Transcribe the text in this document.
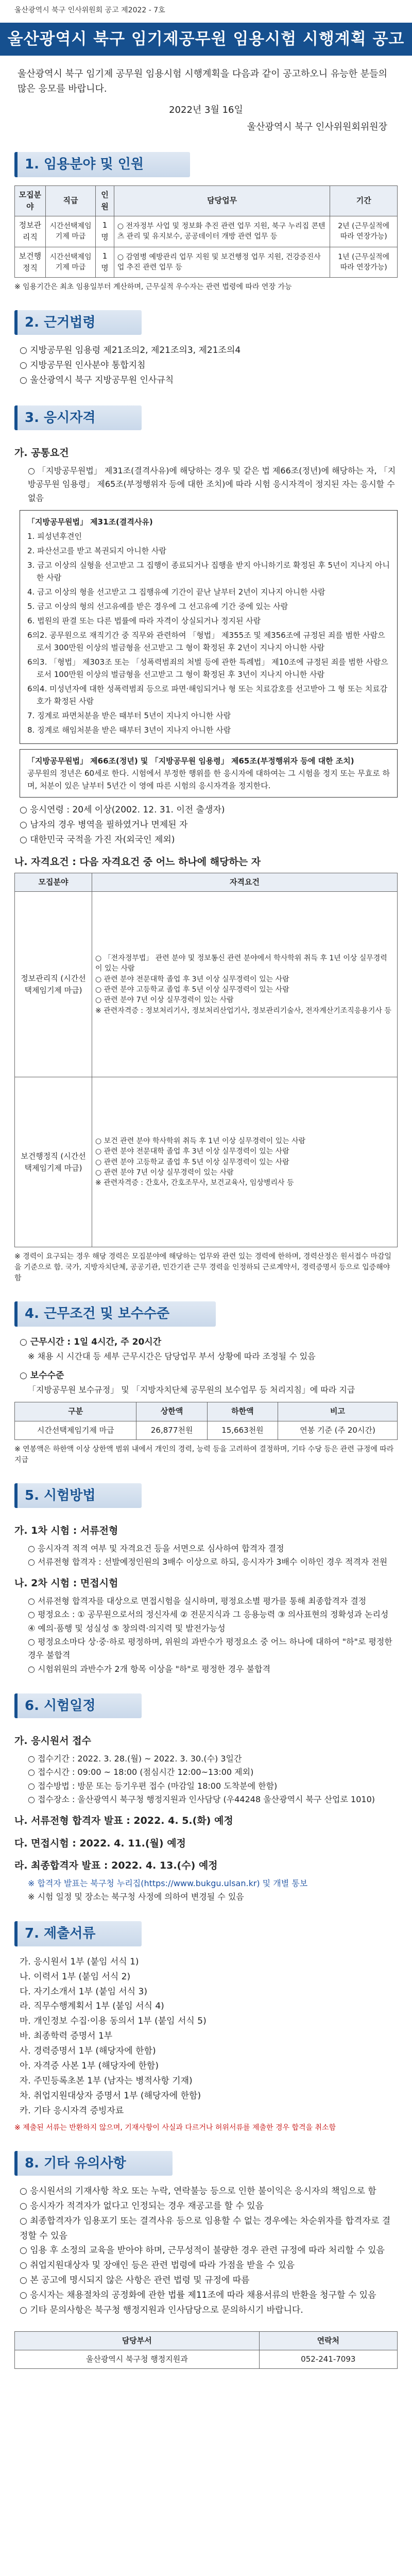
울산광역시 북구 인사위원회 공고 제2022 - 7호
울산광역시 북구 임기제공무원 임용시험 시행계획 공고
울산광역시 북구 임기제 공무원 임용시험 시행계획을 다음과 같이 공고하오니 유능한 분들의 많은 응모를 바랍니다.
2022년 3월 16일
울산광역시 북구 인사위원회위원장
1. 임용분야 및 인원
모집분야	직급	인원	담당업무	기간
정보관리직	시간선택제임기제 마급	1명	○ 전자정부 사업 및 정보화 추진 관련 업무 지원, 북구 누리집 콘텐츠 관리 및 유지보수, 공공데이터 개방 관련 업무 등	2년 (근무실적에 따라 연장가능)
보건행정직	시간선택제임기제 마급	1명	○ 감염병 예방관리 업무 지원 및 보건행정 업무 지원, 건강증진사업 추진 관련 업무 등	1년 (근무실적에 따라 연장가능)
※ 임용기간은 최초 임용일부터 계산하며, 근무실적 우수자는 관련 법령에 따라 연장 가능
2. 근거법령
○ 지방공무원 임용령 제21조의2, 제21조의3, 제21조의4
○ 지방공무원 인사분야 통합지침
○ 울산광역시 북구 지방공무원 인사규칙
3. 응시자격
가. 공통요건
○ 「지방공무원법」 제31조(결격사유)에 해당하는 경우 및 같은 법 제66조(정년)에 해당하는 자, 「지방공무원 임용령」 제65조(부정행위자 등에 대한 조치)에 따라 시험 응시자격이 정지된 자는 응시할 수 없음
「지방공무원법」 제31조(결격사유)
1. 피성년후견인
2. 파산선고를 받고 복권되지 아니한 사람
3. 금고 이상의 실형을 선고받고 그 집행이 종료되거나 집행을 받지 아니하기로 확정된 후 5년이 지나지 아니한 사람
4. 금고 이상의 형을 선고받고 그 집행유예 기간이 끝난 날부터 2년이 지나지 아니한 사람
5. 금고 이상의 형의 선고유예를 받은 경우에 그 선고유예 기간 중에 있는 사람
6. 법원의 판결 또는 다른 법률에 따라 자격이 상실되거나 정지된 사람
6의2. 공무원으로 재직기간 중 직무와 관련하여 「형법」 제355조 및 제356조에 규정된 죄를 범한 사람으로서 300만원 이상의 벌금형을 선고받고 그 형이 확정된 후 2년이 지나지 아니한 사람
6의3. 「형법」 제303조 또는 「성폭력범죄의 처벌 등에 관한 특례법」 제10조에 규정된 죄를 범한 사람으로서 100만원 이상의 벌금형을 선고받고 그 형이 확정된 후 3년이 지나지 아니한 사람
6의4. 미성년자에 대한 성폭력범죄 등으로 파면·해임되거나 형 또는 치료감호를 선고받아 그 형 또는 치료감호가 확정된 사람
7. 징계로 파면처분을 받은 때부터 5년이 지나지 아니한 사람
8. 징계로 해임처분을 받은 때부터 3년이 지나지 아니한 사람
「지방공무원법」 제66조(정년) 및 「지방공무원 임용령」 제65조(부정행위자 등에 대한 조치)
공무원의 정년은 60세로 한다. 시험에서 부정한 행위를 한 응시자에 대하여는 그 시험을 정지 또는 무효로 하며, 처분이 있은 날부터 5년간 이 영에 따른 시험의 응시자격을 정지한다.
○ 응시연령 : 20세 이상(2002. 12. 31. 이전 출생자)
○ 남자의 경우 병역을 필하였거나 면제된 자
○ 대한민국 국적을 가진 자(외국인 제외)
나. 자격요건 : 다음 자격요건 중 어느 하나에 해당하는 자
모집분야	자격요건
정보관리직 (시간선택제임기제 마급)	○ 「전자정부법」 관련 분야 및 정보통신 관련 분야에서 학사학위 취득 후 1년 이상 실무경력이 있는 사람
○ 관련 분야 전문대학 졸업 후 3년 이상 실무경력이 있는 사람
○ 관련 분야 고등학교 졸업 후 5년 이상 실무경력이 있는 사람
○ 관련 분야 7년 이상 실무경력이 있는 사람
※ 관련자격증 : 정보처리기사, 정보처리산업기사, 정보관리기술사, 전자계산기조직응용기사 등
보건행정직 (시간선택제임기제 마급)	○ 보건 관련 분야 학사학위 취득 후 1년 이상 실무경력이 있는 사람
○ 관련 분야 전문대학 졸업 후 3년 이상 실무경력이 있는 사람
○ 관련 분야 고등학교 졸업 후 5년 이상 실무경력이 있는 사람
○ 관련 분야 7년 이상 실무경력이 있는 사람
※ 관련자격증 : 간호사, 간호조무사, 보건교육사, 임상병리사 등
※ 경력이 요구되는 경우 해당 경력은 모집분야에 해당하는 업무와 관련 있는 경력에 한하며, 경력산정은 원서접수 마감일을 기준으로 함. 국가, 지방자치단체, 공공기관, 민간기관 근무 경력을 인정하되 근로계약서, 경력증명서 등으로 입증해야 함
4. 근무조건 및 보수수준
○ 근무시간 : 1일 4시간, 주 20시간
※ 채용 시 시간대 등 세부 근무시간은 담당업무 부서 상황에 따라 조정될 수 있음
○ 보수수준
「지방공무원 보수규정」 및 「지방자치단체 공무원의 보수업무 등 처리지침」에 따라 지급
구분	상한액	하한액	비고
시간선택제임기제 마급	26,877천원	15,663천원	연봉 기준 (주 20시간)
※ 연봉액은 하한액 이상 상한액 범위 내에서 개인의 경력, 능력 등을 고려하여 결정하며, 기타 수당 등은 관련 규정에 따라 지급
5. 시험방법
가. 1차 시험 : 서류전형
○ 응시자격 적격 여부 및 자격요건 등을 서면으로 심사하여 합격자 결정
○ 서류전형 합격자 : 선발예정인원의 3배수 이상으로 하되, 응시자가 3배수 이하인 경우 적격자 전원
나. 2차 시험 : 면접시험
○ 서류전형 합격자를 대상으로 면접시험을 실시하며, 평정요소별 평가를 통해 최종합격자 결정
○ 평정요소 : ① 공무원으로서의 정신자세 ② 전문지식과 그 응용능력 ③ 의사표현의 정확성과 논리성 ④ 예의·품행 및 성실성 ⑤ 창의력·의지력 및 발전가능성
○ 평정요소마다 상·중·하로 평정하며, 위원의 과반수가 평정요소 중 어느 하나에 대하여 "하"로 평정한 경우 불합격
○ 시험위원의 과반수가 2개 항목 이상을 "하"로 평정한 경우 불합격
6. 시험일정
가. 응시원서 접수
○ 접수기간 : 2022. 3. 28.(월) ~ 2022. 3. 30.(수) 3일간
○ 접수시간 : 09:00 ~ 18:00 (점심시간 12:00~13:00 제외)
○ 접수방법 : 방문 또는 등기우편 접수 (마감일 18:00 도착분에 한함)
○ 접수장소 : 울산광역시 북구청 행정지원과 인사담당 (우44248 울산광역시 북구 산업로 1010)
나. 서류전형 합격자 발표 : 2022. 4. 5.(화) 예정
다. 면접시험 : 2022. 4. 11.(월) 예정
라. 최종합격자 발표 : 2022. 4. 13.(수) 예정
※ 합격자 발표는 북구청 누리집(https://www.bukgu.ulsan.kr) 및 개별 통보
※ 시험 일정 및 장소는 북구청 사정에 의하여 변경될 수 있음
7. 제출서류
가. 응시원서 1부 (붙임 서식 1)
나. 이력서 1부 (붙임 서식 2)
다. 자기소개서 1부 (붙임 서식 3)
라. 직무수행계획서 1부 (붙임 서식 4)
마. 개인정보 수집·이용 동의서 1부 (붙임 서식 5)
바. 최종학력 증명서 1부
사. 경력증명서 1부 (해당자에 한함)
아. 자격증 사본 1부 (해당자에 한함)
자. 주민등록초본 1부 (남자는 병적사항 기재)
차. 취업지원대상자 증명서 1부 (해당자에 한함)
카. 기타 응시자격 증빙자료
※ 제출된 서류는 반환하지 않으며, 기재사항이 사실과 다르거나 허위서류를 제출한 경우 합격을 취소함
8. 기타 유의사항
○ 응시원서의 기재사항 착오 또는 누락, 연락불능 등으로 인한 불이익은 응시자의 책임으로 함
○ 응시자가 적격자가 없다고 인정되는 경우 재공고를 할 수 있음
○ 최종합격자가 임용포기 또는 결격사유 등으로 임용할 수 없는 경우에는 차순위자를 합격자로 결정할 수 있음
○ 임용 후 소정의 교육을 받아야 하며, 근무성적이 불량한 경우 관련 규정에 따라 처리할 수 있음
○ 취업지원대상자 및 장애인 등은 관련 법령에 따라 가점을 받을 수 있음
○ 본 공고에 명시되지 않은 사항은 관련 법령 및 규정에 따름
○ 응시자는 채용절차의 공정화에 관한 법률 제11조에 따라 채용서류의 반환을 청구할 수 있음
○ 기타 문의사항은 북구청 행정지원과 인사담당으로 문의하시기 바랍니다.
담당부서	연락처
울산광역시 북구청 행정지원과	052-241-7093
